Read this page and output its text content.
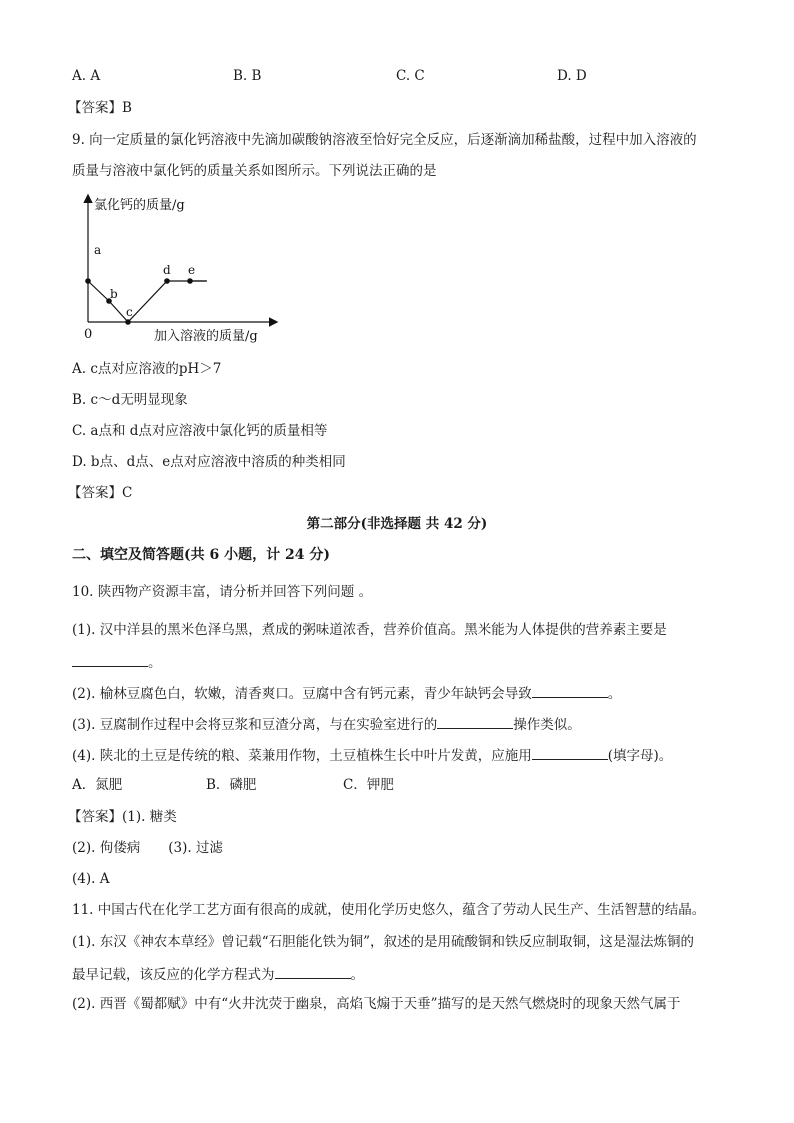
A. A	B. B	C. C	D. D
【答案】B
9. 向一定质量的氯化钙溶液中先滴加碳酸钠溶液至恰好完全反应，后逐渐滴加稀盐酸，过程中加入溶液的
质量与溶液中氯化钙的质量关系如图所示。下列说法正确的是
氯化钙的质量/g
加入溶液的质量/g
0
a
b
c
d e
A. c点对应溶液的pH＞7
B. c～d无明显现象
C. a点和 d点对应溶液中氯化钙的质量相等
D. b点、d点、e点对应溶液中溶质的种类相同
【答案】C
第二部分(非选择题 共 42 分)
二、填空及简答题(共 6 小题，计 24 分)
10. 陕西物产资源丰富，请分析并回答下列问题 。
(1). 汉中洋县的黑米色泽乌黑，煮成的粥味道浓香，营养价值高。黑米能为人体提供的营养素主要是
。
(2). 榆林豆腐色白，软嫩，清香爽口。豆腐中含有钙元素，青少年缺钙会导致	。
(3). 豆腐制作过程中会将豆浆和豆渣分离，与在实验室进行的	操作类似。
(4). 陕北的土豆是传统的粮、菜兼用作物，土豆植株生长中叶片发黄，应施用	(填字母)。
A．氮肥	B．磷肥	C．钾肥
【答案】(1). 糖类
(2). 佝偻病 (3). 过滤
(4). A
11. 中国古代在化学工艺方面有很高的成就，使用化学历史悠久，蕴含了劳动人民生产、生活智慧的结晶。
(1). 东汉《神农本草经》曾记载“石胆能化铁为铜”，叙述的是用硫酸铜和铁反应制取铜，这是湿法炼铜的
最早记载，该反应的化学方程式为	。
(2). 西晋《蜀都赋》中有“火井沈荧于幽泉，高焰飞煽于天垂”描写的是天然气燃烧时的现象天然气属于
